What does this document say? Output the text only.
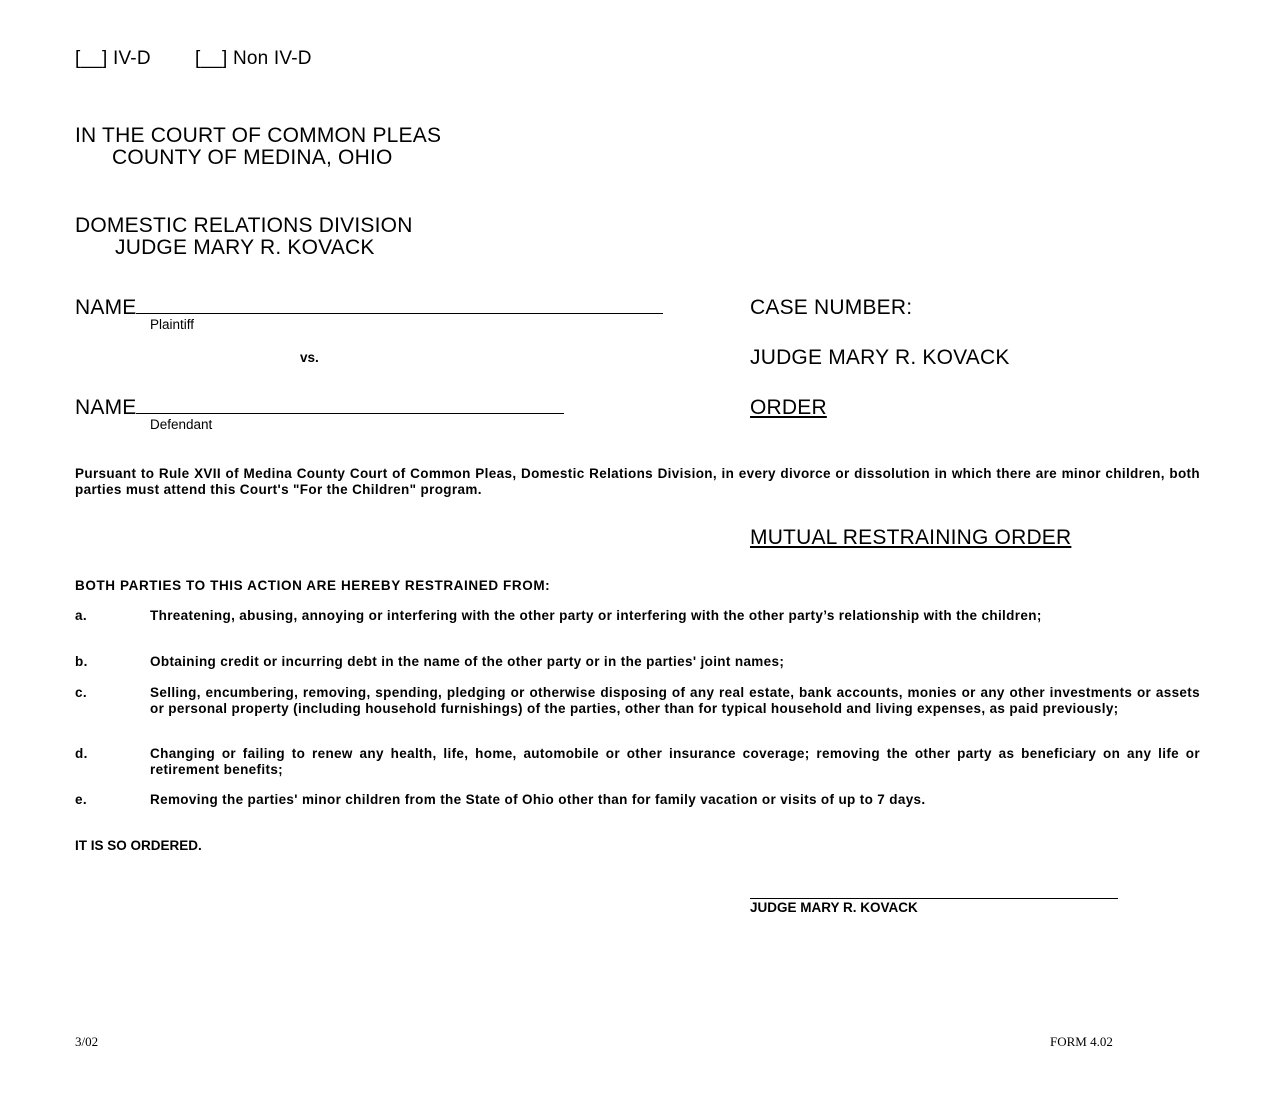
[__] IV-D [__] Non IV-D
IN THE COURT OF COMMON PLEAS
COUNTY OF MEDINA, OHIO
DOMESTIC RELATIONS DIVISION
JUDGE MARY R. KOVACK
NAME
Plaintiff
vs.
NAME
Defendant
CASE NUMBER:
JUDGE MARY R. KOVACK
ORDER
Pursuant to Rule XVII of Medina County Court of Common Pleas, Domestic Relations Division, in every divorce or dissolution in which there are minor children, both parties must attend this Court's "For the Children" program.
MUTUAL RESTRAINING ORDER
BOTH PARTIES TO THIS ACTION ARE HEREBY RESTRAINED FROM:
a.	Threatening, abusing, annoying or interfering with the other party or interfering with the other party’s relationship with the children;
b.	Obtaining credit or incurring debt in the name of the other party or in the parties' joint names;
c.	Selling, encumbering, removing, spending, pledging or otherwise disposing of any real estate, bank accounts, monies or any other investments or assets or personal property (including household furnishings) of the parties, other than for typical household and living expenses, as paid previously;
d.	Changing or failing to renew any health, life, home, automobile or other insurance coverage; removing the other party as beneficiary on any life or retirement benefits;
e.	Removing the parties' minor children from the State of Ohio other than for family vacation or visits of up to 7 days.
IT IS SO ORDERED.
JUDGE MARY R. KOVACK
3/02	FORM 4.02
